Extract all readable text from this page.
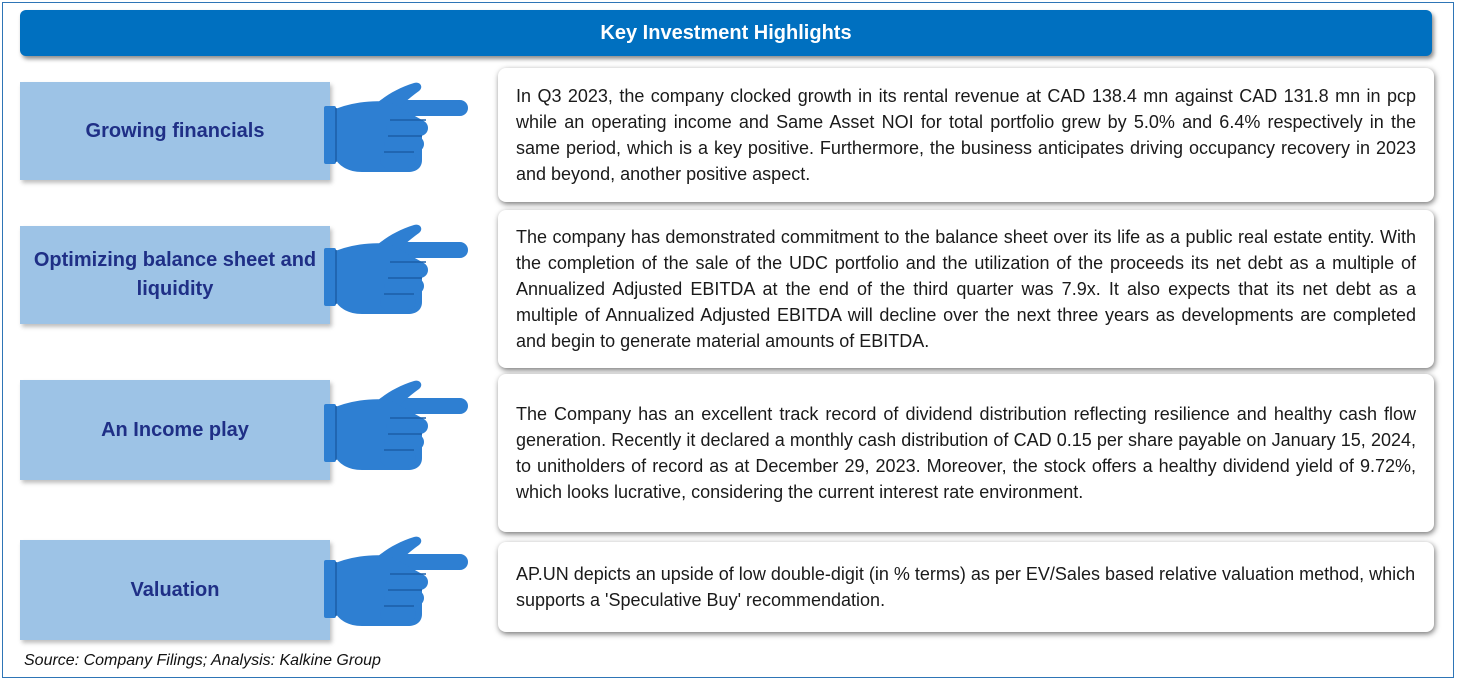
Key Investment Highlights
Growing financials

In Q3 2023, the company clocked growth in its rental revenue at CAD 138.4 mn against CAD 131.8 mn in pcp while an operating income and Same Asset NOI for total portfolio grew by 5.0% and 6.4% respectively in the same period, which is a key positive. Furthermore, the business anticipates driving occupancy recovery in 2023 and beyond, another positive aspect.

Optimizing balance sheet and liquidity

The company has demonstrated commitment to the balance sheet over its life as a public real estate entity. With the completion of the sale of the UDC portfolio and the utilization of the proceeds its net debt as a multiple of Annualized Adjusted EBITDA at the end of the third quarter was 7.9x. It also expects that its net debt as a multiple of Annualized Adjusted EBITDA will decline over the next three years as developments are completed and begin to generate material amounts of EBITDA.

An Income play

The Company has an excellent track record of dividend distribution reflecting resilience and healthy cash flow generation. Recently it declared a monthly cash distribution of CAD 0.15 per share payable on January 15, 2024, to unitholders of record as at December 29, 2023. Moreover, the stock offers a healthy dividend yield of 9.72%, which looks lucrative, considering the current interest rate environment.

Valuation

AP.UN depicts an upside of low double-digit (in % terms) as per EV/Sales based relative valuation method, which supports a 'Speculative Buy' recommendation.

Source: Company Filings; Analysis: Kalkine Group
